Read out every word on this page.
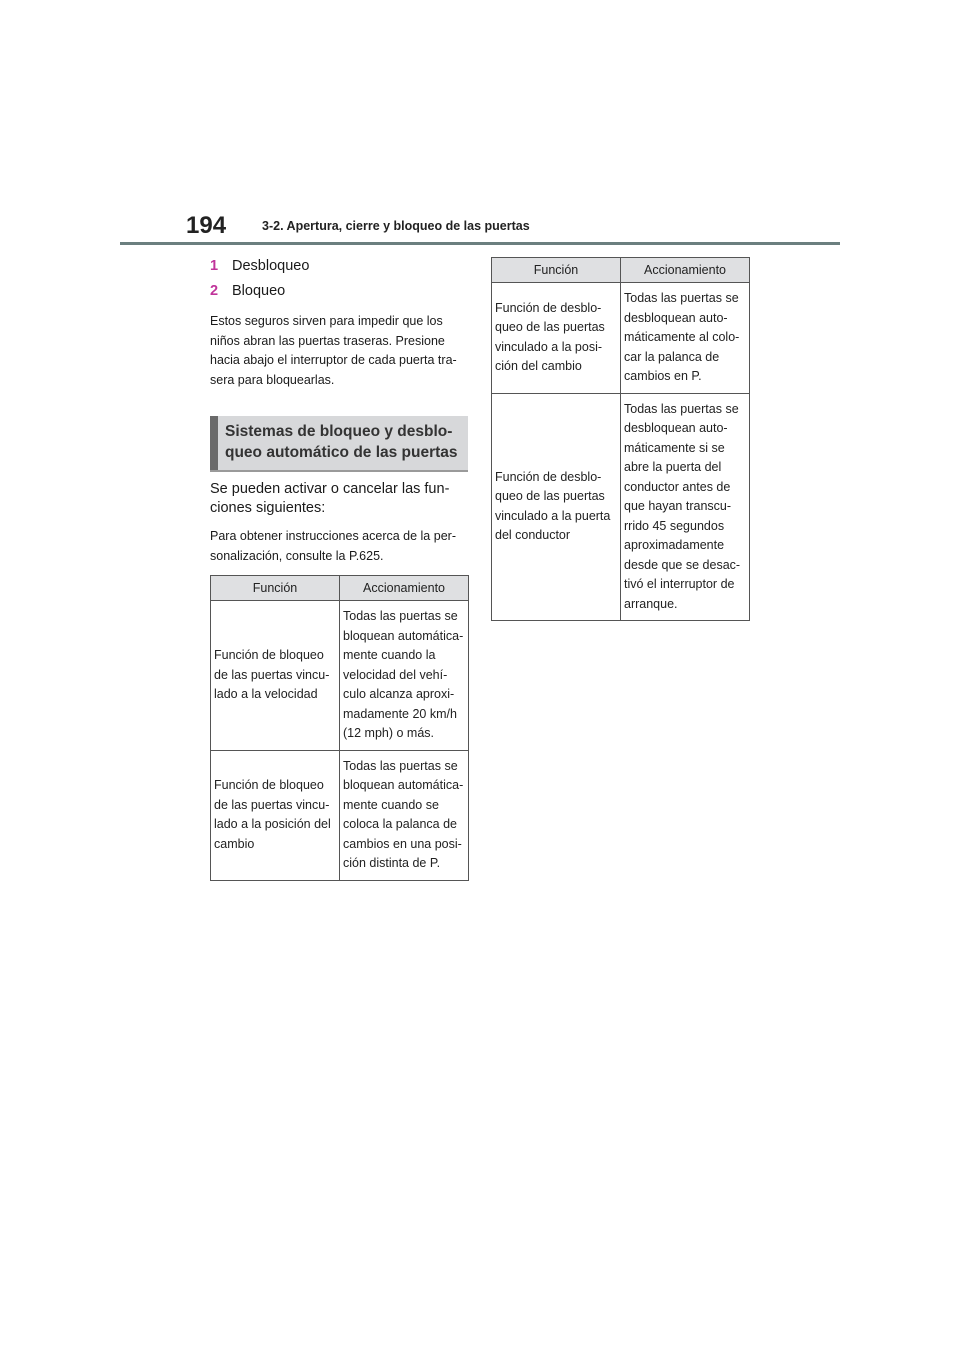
194	3-2. Apertura, cierre y bloqueo de las puertas
1 Desbloqueo
2 Bloqueo

Estos seguros sirven para impedir que los niños abran las puertas traseras. Presione hacia abajo el interruptor de cada puerta trasera para bloquearlas.

Sistemas de bloqueo y desbloqueo automático de las puertas

Se pueden activar o cancelar las funciones siguientes:

Para obtener instrucciones acerca de la personalización, consulte la P.625.

Función	Accionamiento
Función de bloqueo de las puertas vinculado a la velocidad	Todas las puertas se bloquean automáticamente cuando la velocidad del vehículo alcanza aproximadamente 20 km/h (12 mph) o más.
Función de bloqueo de las puertas vinculado a la posición del cambio	Todas las puertas se bloquean automáticamente cuando se coloca la palanca de cambios en una posición distinta de P.
Función	Accionamiento
Función de desbloqueo de las puertas vinculado a la posición del cambio	Todas las puertas se desbloquean automáticamente al colocar la palanca de cambios en P.
Función de desbloqueo de las puertas vinculado a la puerta del conductor	Todas las puertas se desbloquean automáticamente si se abre la puerta del conductor antes de que hayan transcurrido 45 segundos aproximadamente desde que se desactivó el interruptor de arranque.
